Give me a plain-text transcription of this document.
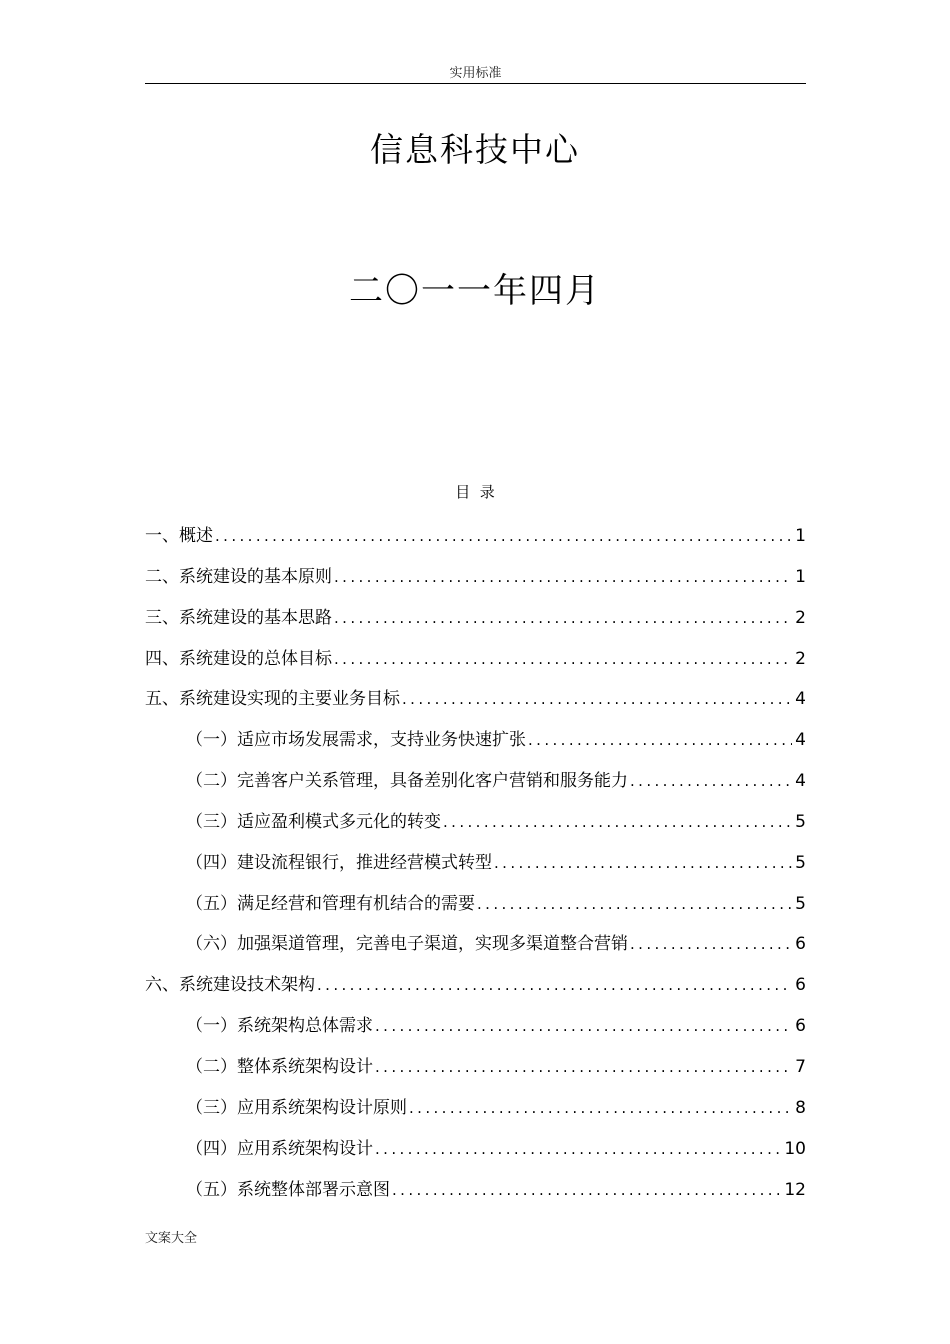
实用标准
信息科技中心
二〇一一年四月
目  录
一、概述 .....	1
二、系统建设的基本原则 .....	1
三、系统建设的基本思路 .....	2
四、系统建设的总体目标 .....	2
五、系统建设实现的主要业务目标 .....	4
（一）适应市场发展需求，支持业务快速扩张 .....	4
（二）完善客户关系管理，具备差别化客户营销和服务能力 .....	4
（三）适应盈利模式多元化的转变 .....	5
（四）建设流程银行，推进经营模式转型 .....	5
（五）满足经营和管理有机结合的需要 .....	5
（六）加强渠道管理，完善电子渠道，实现多渠道整合营销 .....	6
六、系统建设技术架构 .....	6
（一）系统架构总体需求 .....	6
（二）整体系统架构设计 .....	7
（三）应用系统架构设计原则 .....	8
（四）应用系统架构设计 .....	10
（五）系统整体部署示意图 .....	12
文案大全
